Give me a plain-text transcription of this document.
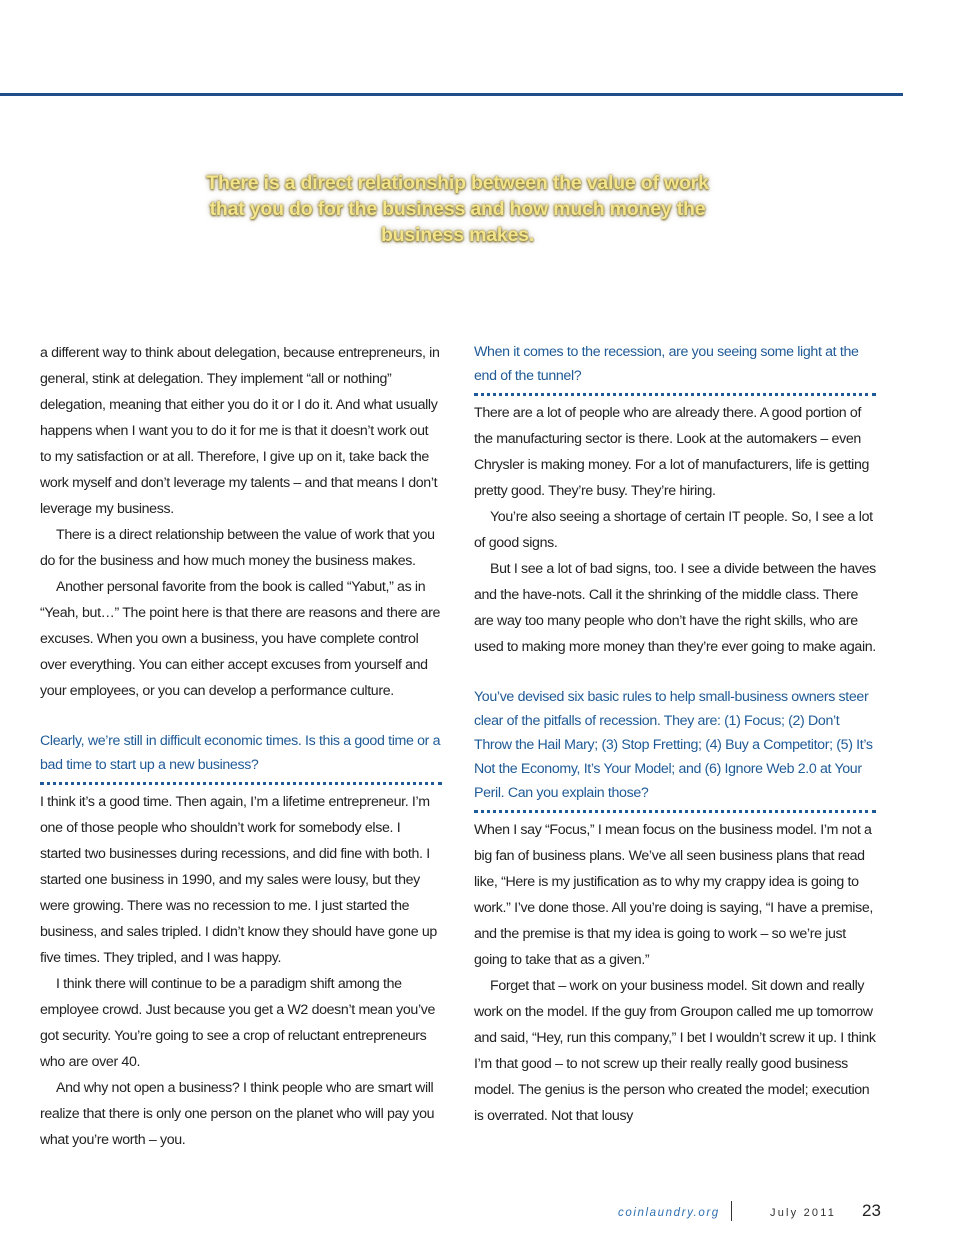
There is a direct relationship between the value of work that you do for the business and how much money the business makes.

a different way to think about delegation, because entrepreneurs, in general, stink at delegation. They implement “all or nothing” delegation, meaning that either you do it or I do it. And what usually happens when I want you to do it for me is that it doesn’t work out to my satisfaction or at all. Therefore, I give up on it, take back the work myself and don’t leverage my talents – and that means I don’t leverage my business.

There is a direct relationship between the value of work that you do for the business and how much money the business makes.

Another personal favorite from the book is called “Yabut,” as in “Yeah, but…” The point here is that there are reasons and there are excuses. When you own a business, you have complete control over everything. You can either accept excuses from yourself and your employees, or you can develop a performance culture.

Clearly, we’re still in difficult economic times. Is this a good time or a bad time to start up a new business?

I think it’s a good time. Then again, I’m a lifetime entrepreneur. I’m one of those people who shouldn’t work for somebody else. I started two businesses during recessions, and did fine with both. I started one business in 1990, and my sales were lousy, but they were growing. There was no recession to me. I just started the business, and sales tripled. I didn’t know they should have gone up five times. They tripled, and I was happy.

I think there will continue to be a paradigm shift among the employee crowd. Just because you get a W2 doesn’t mean you’ve got security. You’re going to see a crop of reluctant entrepreneurs who are over 40.

And why not open a business? I think people who are smart will realize that there is only one person on the planet who will pay you what you’re worth – you.

When it comes to the recession, are you seeing some light at the end of the tunnel?

There are a lot of people who are already there. A good portion of the manufacturing sector is there. Look at the automakers – even Chrysler is making money. For a lot of manufacturers, life is getting pretty good. They’re busy. They’re hiring.

You’re also seeing a shortage of certain IT people. So, I see a lot of good signs.

But I see a lot of bad signs, too. I see a divide between the haves and the have-nots. Call it the shrinking of the middle class. There are way too many people who don’t have the right skills, who are used to making more money than they’re ever going to make again.

You’ve devised six basic rules to help small-business owners steer clear of the pitfalls of recession. They are: (1) Focus; (2) Don’t Throw the Hail Mary; (3) Stop Fretting; (4) Buy a Competitor; (5) It’s Not the Economy, It’s Your Model; and (6) Ignore Web 2.0 at Your Peril. Can you explain those?

When I say “Focus,” I mean focus on the business model. I’m not a big fan of business plans. We’ve all seen business plans that read like, “Here is my justification as to why my crappy idea is going to work.” I’ve done those. All you’re doing is saying, “I have a premise, and the premise is that my idea is going to work – so we’re just going to take that as a given.”

Forget that – work on your business model. Sit down and really work on the model. If the guy from Groupon called me up tomorrow and said, “Hey, run this company,” I bet I wouldn’t screw it up. I think I’m that good – to not screw up their really really good business model. The genius is the person who created the model; execution is overrated. Not that lousy

coinlaundry.org	July 2011 23
